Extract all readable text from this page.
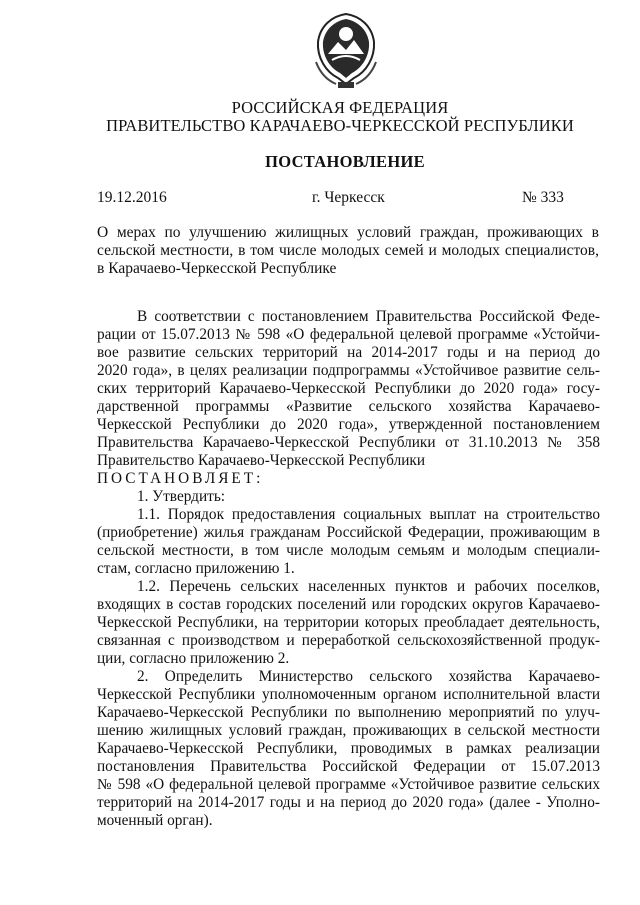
РОССИЙСКАЯ ФЕДЕРАЦИЯ
ПРАВИТЕЛЬСТВО КАРАЧАЕВО-ЧЕРКЕССКОЙ РЕСПУБЛИКИ
ПОСТАНОВЛЕНИЕ
19.12.2016	г. Черкесск	№ 333
О мерах по улучшению жилищных условий граждан, проживающих в
сельской местности, в том числе молодых семей и молодых специалистов,
в Карачаево-Черкесской Республике
В соответствии с постановлением Правительства Российской Феде-
рации от 15.07.2013 № 598 «О федеральной целевой программе «Устойчи-
вое развитие сельских территорий на 2014-2017 годы и на период до
2020 года», в целях реализации подпрограммы «Устойчивое развитие сель-
ских территорий Карачаево-Черкесской Республики до 2020 года» госу-
дарственной программы «Развитие сельского хозяйства Карачаево-
Черкесской Республики до 2020 года», утвержденной постановлением
Правительства Карачаево-Черкесской Республики от 31.10.2013 № 358
Правительство Карачаево-Черкесской Республики
ПОСТАНОВЛЯЕТ:
1. Утвердить:
1.1. Порядок предоставления социальных выплат на строительство
(приобретение) жилья гражданам Российской Федерации, проживающим в
сельской местности, в том числе молодым семьям и молодым специали-
стам, согласно приложению 1.
1.2. Перечень сельских населенных пунктов и рабочих поселков,
входящих в состав городских поселений или городских округов Карачаево-
Черкесской Республики, на территории которых преобладает деятельность,
связанная с производством и переработкой сельскохозяйственной продук-
ции, согласно приложению 2.
2. Определить Министерство сельского хозяйства Карачаево-
Черкесской Республики уполномоченным органом исполнительной власти
Карачаево-Черкесской Республики по выполнению мероприятий по улуч-
шению жилищных условий граждан, проживающих в сельской местности
Карачаево-Черкесской Республики, проводимых в рамках реализации
постановления Правительства Российской Федерации от 15.07.2013
№ 598 «О федеральной целевой программе «Устойчивое развитие сельских
территорий на 2014-2017 годы и на период до 2020 года» (далее - Уполно-
моченный орган).
